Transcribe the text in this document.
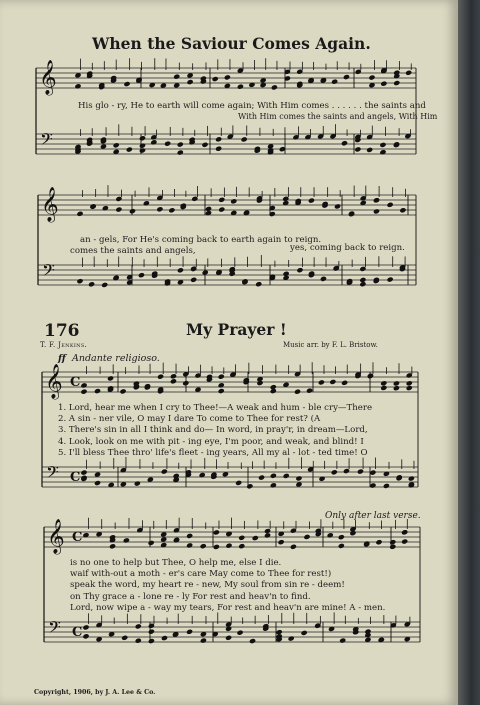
𝄞
𝄢
𝄞
𝄢
𝄞
𝄢
C
C
𝄞
𝄢
C
C
When the Saviour Comes Again.
His glo - ry, He to earth will come again; With Him comes . . . . . . the saints and
With Him comes the saints and angels, With Him
an - gels, For He's coming back to earth again to reign.
comes the saints and angels,	yes, coming back to reign.
176	My Prayer !
T. F. Jenkins.	Music arr. by F. L. Bristow.
ff Andante religioso.
1. Lord, hear me when I cry to Thee!—A weak and hum - ble cry—There
2. A sin - ner vile, O may I dare To come to Thee for rest? (A
3. There's sin in all I think and do— In word, in pray'r, in dream—Lord,
4. Look, look on me with pit - ing eye, I'm poor, and weak, and blind! I
5. I'll bless Thee thro' life's fleet - ing years, All my al - lot - ted time! O
Only after last verse.
is no one to help but Thee, O help me, else I die.
waif with-out a moth - er's care May come to Thee for rest!)
speak the word, my heart re - new, My soul from sin re - deem!
on Thy grace a - lone re - ly For rest and heav'n to find.
Lord, now wipe a - way my tears, For rest and heav'n are mine! A - men.
Copyright, 1906, by J. A. Lee & Co.
